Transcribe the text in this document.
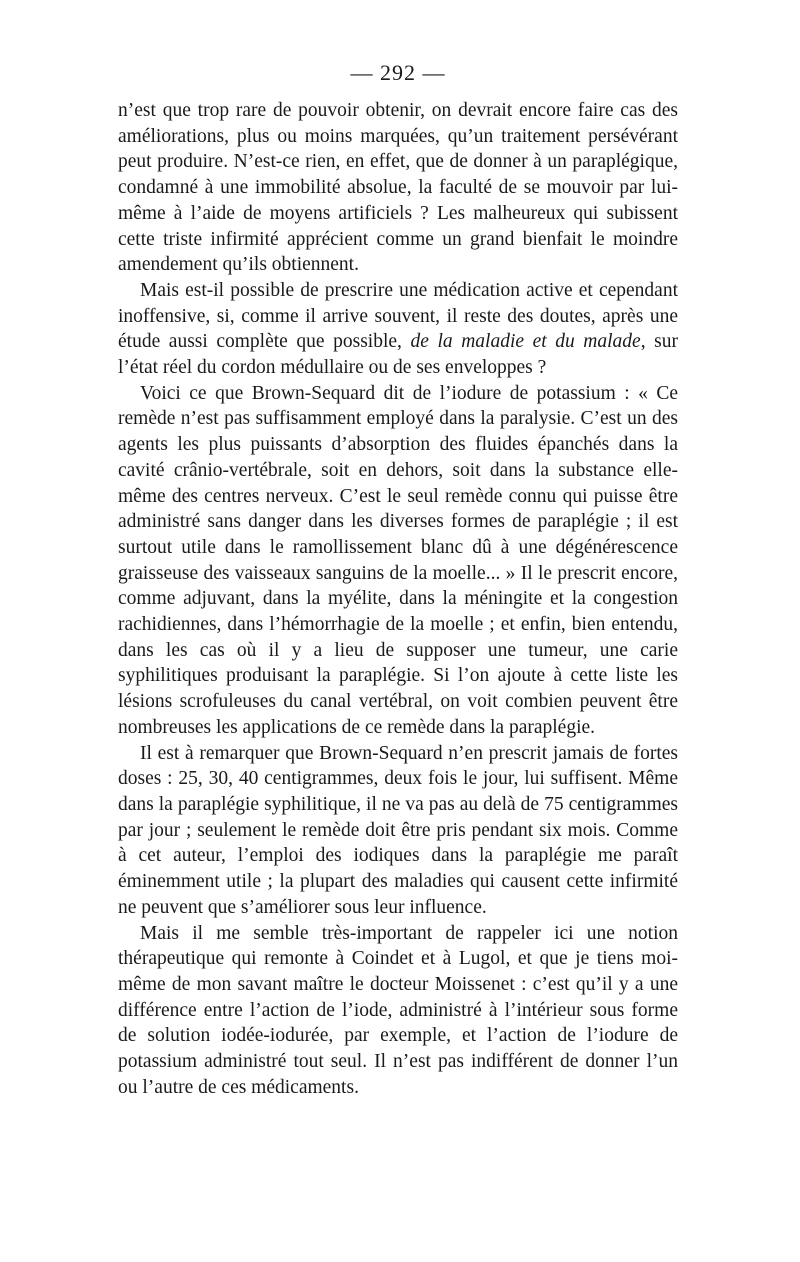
— 292 —

n’est que trop rare de pouvoir obtenir, on devrait encore faire cas des améliorations, plus ou moins marquées, qu’un traitement persévérant peut produire. N’est-ce rien, en effet, que de donner à un paraplégique, condamné à une immobilité absolue, la faculté de se mouvoir par lui-même à l’aide de moyens artificiels ? Les malheureux qui subissent cette triste infirmité apprécient comme un grand bienfait le moindre amendement qu’ils obtiennent.

Mais est-il possible de prescrire une médication active et cependant inoffensive, si, comme il arrive souvent, il reste des doutes, après une étude aussi complète que possible, de la maladie et du malade, sur l’état réel du cordon médullaire ou de ses enveloppes ?

Voici ce que Brown-Sequard dit de l’iodure de potassium : « Ce remède n’est pas suffisamment employé dans la paralysie. C’est un des agents les plus puissants d’absorption des fluides épanchés dans la cavité crânio-vertébrale, soit en dehors, soit dans la substance elle-même des centres nerveux. C’est le seul remède connu qui puisse être administré sans danger dans les diverses formes de paraplégie ; il est surtout utile dans le ramollissement blanc dû à une dégénérescence graisseuse des vaisseaux sanguins de la moelle... » Il le prescrit encore, comme adjuvant, dans la myélite, dans la méningite et la congestion rachidiennes, dans l’hémorrhagie de la moelle ; et enfin, bien entendu, dans les cas où il y a lieu de supposer une tumeur, une carie syphilitiques produisant la paraplégie. Si l’on ajoute à cette liste les lésions scrofuleuses du canal vertébral, on voit combien peuvent être nombreuses les applications de ce remède dans la paraplégie.

Il est à remarquer que Brown-Sequard n’en prescrit jamais de fortes doses : 25, 30, 40 centigrammes, deux fois le jour, lui suffisent. Même dans la paraplégie syphilitique, il ne va pas au delà de 75 centigrammes par jour ; seulement le remède doit être pris pendant six mois. Comme à cet auteur, l’emploi des iodiques dans la paraplégie me paraît éminemment utile ; la plupart des maladies qui causent cette infirmité ne peuvent que s’améliorer sous leur influence.

Mais il me semble très-important de rappeler ici une notion thérapeutique qui remonte à Coindet et à Lugol, et que je tiens moi-même de mon savant maître le docteur Moissenet : c’est qu’il y a une différence entre l’action de l’iode, administré à l’intérieur sous forme de solution iodée-iodurée, par exemple, et l’action de l’iodure de potassium administré tout seul. Il n’est pas indifférent de donner l’un ou l’autre de ces médicaments.
